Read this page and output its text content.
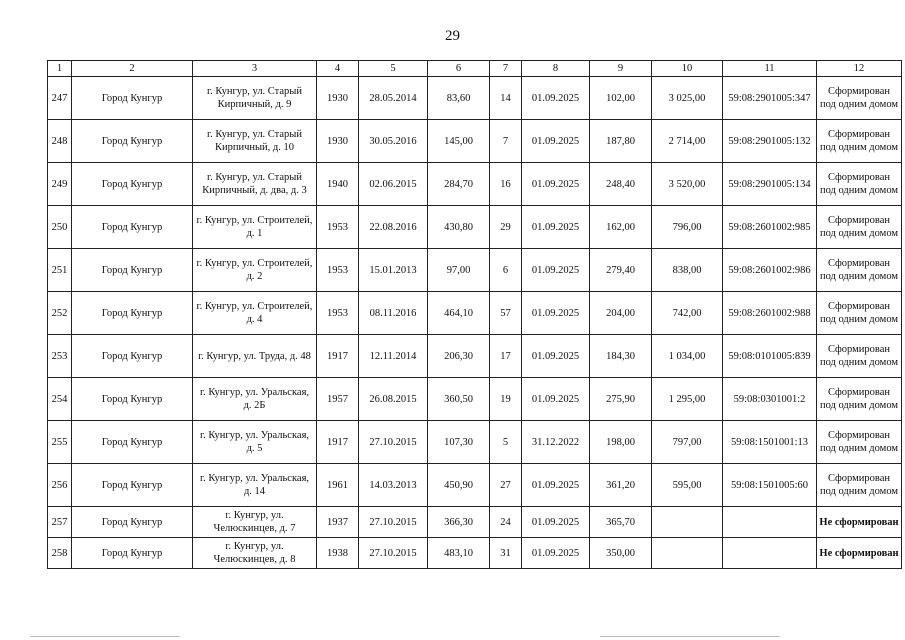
29
1	2	3	4	5	6	7	8	9	10	11	12
247	Город Кунгур	г. Кунгур, ул. Старый Кирпичный, д. 9	1930	28.05.2014	83,60	14	01.09.2025	102,00	3 025,00	59:08:2901005:347	Сформирован под одним домом
248	Город Кунгур	г. Кунгур, ул. Старый Кирпичный, д. 10	1930	30.05.2016	145,00	7	01.09.2025	187,80	2 714,00	59:08:2901005:132	Сформирован под одним домом
249	Город Кунгур	г. Кунгур, ул. Старый Кирпичный, д. два, д. 3	1940	02.06.2015	284,70	16	01.09.2025	248,40	3 520,00	59:08:2901005:134	Сформирован под одним домом
250	Город Кунгур	г. Кунгур, ул. Строителей, д. 1	1953	22.08.2016	430,80	29	01.09.2025	162,00	796,00	59:08:2601002:985	Сформирован под одним домом
251	Город Кунгур	г. Кунгур, ул. Строителей, д. 2	1953	15.01.2013	97,00	6	01.09.2025	279,40	838,00	59:08:2601002:986	Сформирован под одним домом
252	Город Кунгур	г. Кунгур, ул. Строителей, д. 4	1953	08.11.2016	464,10	57	01.09.2025	204,00	742,00	59:08:2601002:988	Сформирован под одним домом
253	Город Кунгур	г. Кунгур, ул. Труда, д. 48	1917	12.11.2014	206,30	17	01.09.2025	184,30	1 034,00	59:08:0101005:839	Сформирован под одним домом
254	Город Кунгур	г. Кунгур, ул. Уральская, д. 2Б	1957	26.08.2015	360,50	19	01.09.2025	275,90	1 295,00	59:08:0301001:2	Сформирован под одним домом
255	Город Кунгур	г. Кунгур, ул. Уральская, д. 5	1917	27.10.2015	107,30	5	31.12.2022	198,00	797,00	59:08:1501001:13	Сформирован под одним домом
256	Город Кунгур	г. Кунгур, ул. Уральская, д. 14	1961	14.03.2013	450,90	27	01.09.2025	361,20	595,00	59:08:1501005:60	Сформирован под одним домом
257	Город Кунгур	г. Кунгур, ул. Челюскинцев, д. 7	1937	27.10.2015	366,30	24	01.09.2025	365,70			Не сформирован
258	Город Кунгур	г. Кунгур, ул. Челюскинцев, д. 8	1938	27.10.2015	483,10	31	01.09.2025	350,00			Не сформирован
